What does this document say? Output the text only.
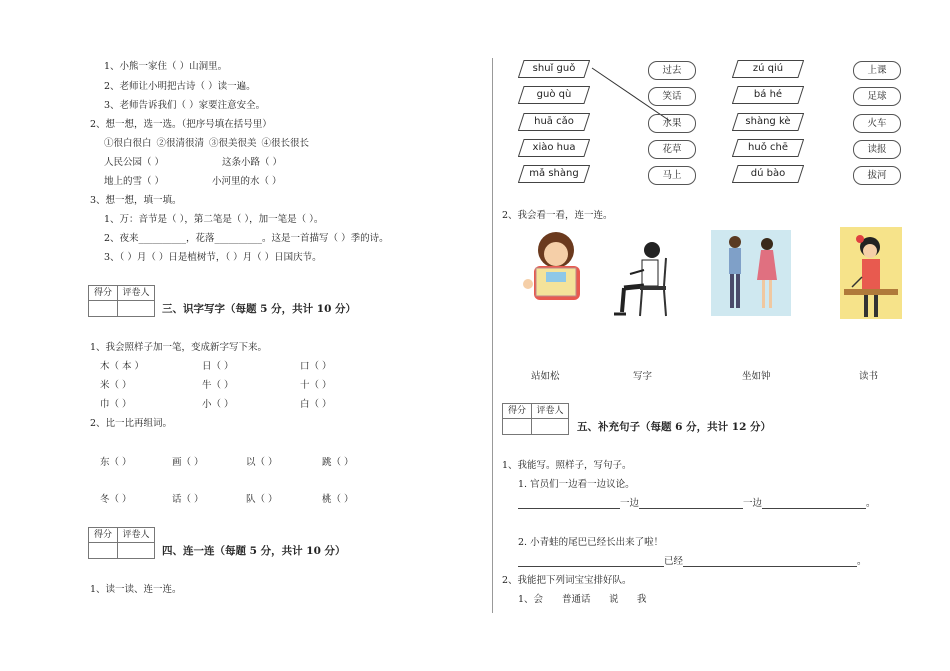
1、小熊一家住（ ）山洞里。
2、老师让小明把古诗（ ）读一遍。
3、老师告诉我们（ ）家要注意安全。
2、想一想，选一选。（把序号填在括号里）
①很白很白 ②很清很清 ③很美很美 ④很长很长
人民公园（ ）	这条小路（ ）
地上的雪（ ）	小河里的水（ ）
3、想一想，填一填。
1、万：音节是（ ），第二笔是（ ），加一笔是（ ）。
2、夜来__________，花落__________。这是一首描写（ ）季的诗。
3、（ ）月（ ）日是植树节，（ ）月（ ）日国庆节。
得分	评卷人
三、识字写字（每题 5 分，共计 10 分）
1、我会照样子加一笔，变成新字写下来。
木（ 本 ）	日（ ）	口（ ）
米（ ）	牛（ ）	十（ ）
巾（ ）	小（ ）	白（ ）
2、比一比再组词。
东（ ）	画（ ）	以（ ）	跳（ ）
冬（ ）	话（ ）	队（ ）	桃（ ）
得分	评卷人
四、连一连（每题 5 分，共计 10 分）
1、读一读、连一连。
shuǐ guǒ
guò qù
huā cǎo
xiào hua
mǎ shàng
过去
笑话
水果
花草
马上
zú qiú
bá hé
shàng kè
huǒ chē
dú bào
上课
足球
火车
读报
拔河
2、我会看一看，连一连。
站如松	写字	坐如钟	读书
得分	评卷人
五、补充句子（每题 6 分，共计 12 分）
1、我能写。照样子，写句子。
1. 官员们一边看一边议论。
一边	一边	。
2. 小青蛙的尾巴已经长出来了啦！
已经	。
2、我能把下列词宝宝排好队。
1、会 普通话 说 我
